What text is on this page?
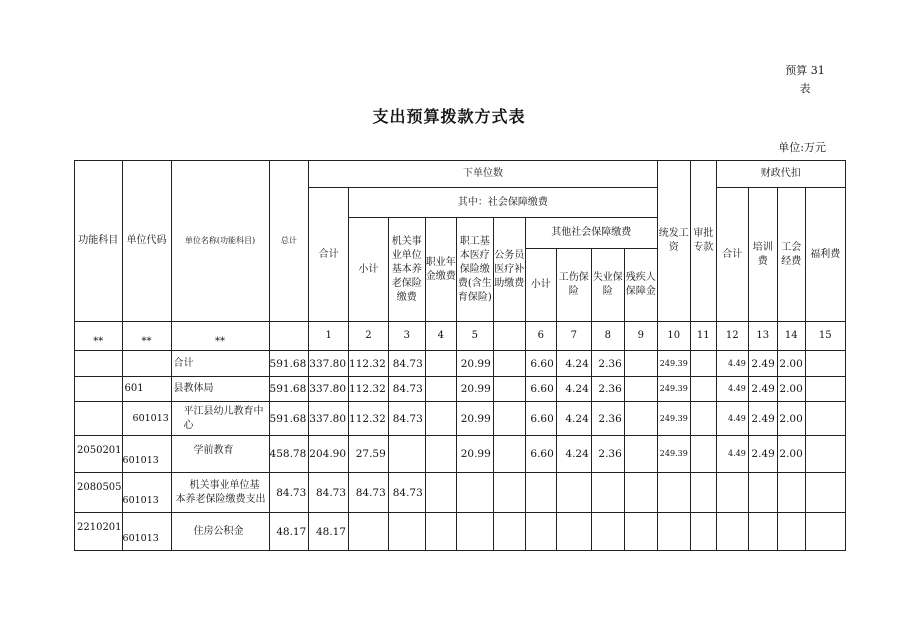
预算 31
表
支出预算拨款方式表
单位:万元
功能科目	单位代码	单位名称(功能科目)	总计	下单位数										统发工资	审批专款	财政代扣			
				合计	其中：社会保障缴费											合计	培训费	工会经费	福利费
					小计	机关事业单位基本养老保险缴费	职业年金缴费	职工基本医疗保险缴费(含生育保险)	公务员医疗补助缴费	其他社会保障缴费									
										小计	工伤保险	失业保险	残疾人保障金						
**	**	**		1	2	3	4	5		6	7	8	9	10	11	12	13	14	15
		合计	591.68	337.80	112.32	84.73		20.99		6.60	4.24	2.36		249.39		4.49	2.49	2.00	
	601	县教体局	591.68	337.80	112.32	84.73		20.99		6.60	4.24	2.36		249.39		4.49	2.49	2.00	
	601013	平江县幼儿教育中心	591.68	337.80	112.32	84.73		20.99		6.60	4.24	2.36		249.39		4.49	2.49	2.00	
2050201	601013	学前教育	458.78	204.90	27.59			20.99		6.60	4.24	2.36		249.39		4.49	2.49	2.00	
2080505	601013	机关事业单位基本养老保险缴费支出	84.73	84.73	84.73	84.73													
2210201	601013	住房公积金	48.17	48.17															
